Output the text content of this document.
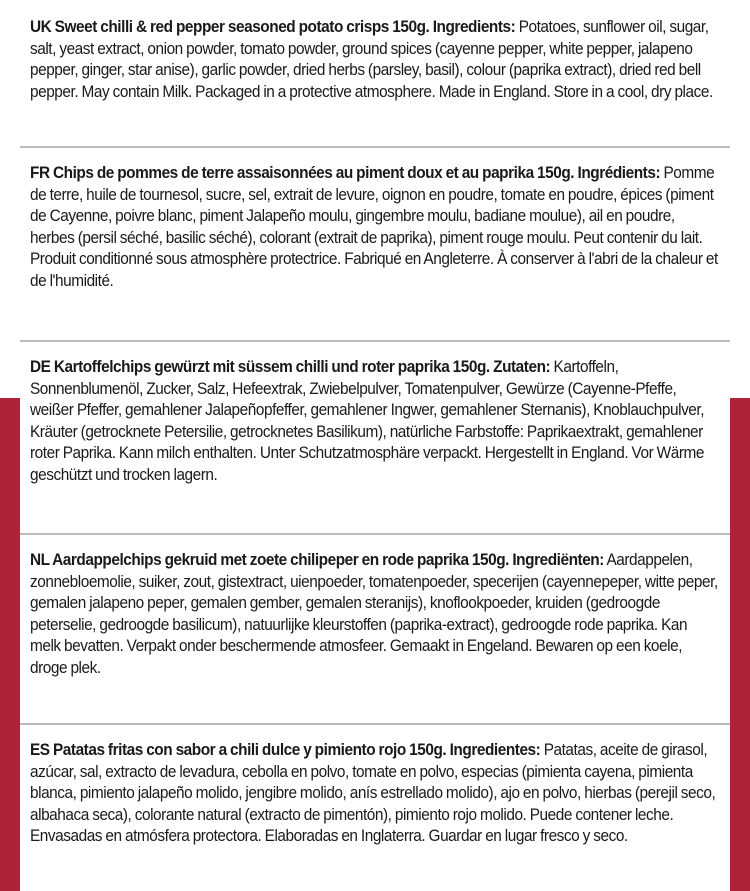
UK Sweet chilli & red pepper seasoned potato crisps 150g. Ingredients: Potatoes, sunflower oil, sugar, salt, yeast extract, onion powder, tomato powder, ground spices (cayenne pepper, white pepper, jalapeno pepper, ginger, star anise), garlic powder, dried herbs (parsley, basil), colour (paprika extract), dried red bell pepper. May contain Milk. Packaged in a protective atmosphere. Made in England. Store in a cool, dry place.

FR Chips de pommes de terre assaisonnées au piment doux et au paprika 150g. Ingrédients: Pomme de terre, huile de tournesol, sucre, sel, extrait de levure, oignon en poudre, tomate en poudre, épices (piment de Cayenne, poivre blanc, piment Jalapeño moulu, gingembre moulu, badiane moulue), ail en poudre, herbes (persil séché, basilic séché), colorant (extrait de paprika), piment rouge moulu. Peut contenir du lait. Produit conditionné sous atmosphère protectrice. Fabriqué en Angleterre. À conserver à l'abri de la chaleur et de l'humidité.

DE Kartoffelchips gewürzt mit süssem chilli und roter paprika 150g. Zutaten: Kartoffeln, Sonnenblumenöl, Zucker, Salz, Hefeextrak, Zwiebelpulver, Tomatenpulver, Gewürze (Cayenne-Pfeffe, weißer Pfeffer, gemahlener Jalapeñopfeffer, gemahlener Ingwer, gemahlener Sternanis), Knoblauchpulver, Kräuter (getrocknete Petersilie, getrocknetes Basilikum), natürliche Farbstoffe: Paprikaextrakt, gemahlener roter Paprika. Kann milch enthalten. Unter Schutzatmosphäre verpackt. Hergestellt in England. Vor Wärme geschützt und trocken lagern.

NL Aardappelchips gekruid met zoete chilipeper en rode paprika 150g. Ingrediënten: Aardappelen, zonnebloemolie, suiker, zout, gistextract, uienpoeder, tomatenpoeder, specerijen (cayennepeper, witte peper, gemalen jalapeno peper, gemalen gember, gemalen steranijs), knoflookpoeder, kruiden (gedroogde peterselie, gedroogde basilicum), natuurlijke kleurstoffen (paprika-extract), gedroogde rode paprika. Kan melk bevatten. Verpakt onder beschermende atmosfeer. Gemaakt in Engeland. Bewaren op een koele, droge plek.

ES Patatas fritas con sabor a chili dulce y pimiento rojo 150g. Ingredientes: Patatas, aceite de girasol, azúcar, sal, extracto de levadura, cebolla en polvo, tomate en polvo, especias (pimienta cayena, pimienta blanca, pimiento jalapeño molido, jengibre molido, anís estrellado molido), ajo en polvo, hierbas (perejil seco, albahaca seca), colorante natural (extracto de pimentón), pimiento rojo molido. Puede contener leche. Envasadas en atmósfera protectora. Elaboradas en Inglaterra. Guardar en lugar fresco y seco.
